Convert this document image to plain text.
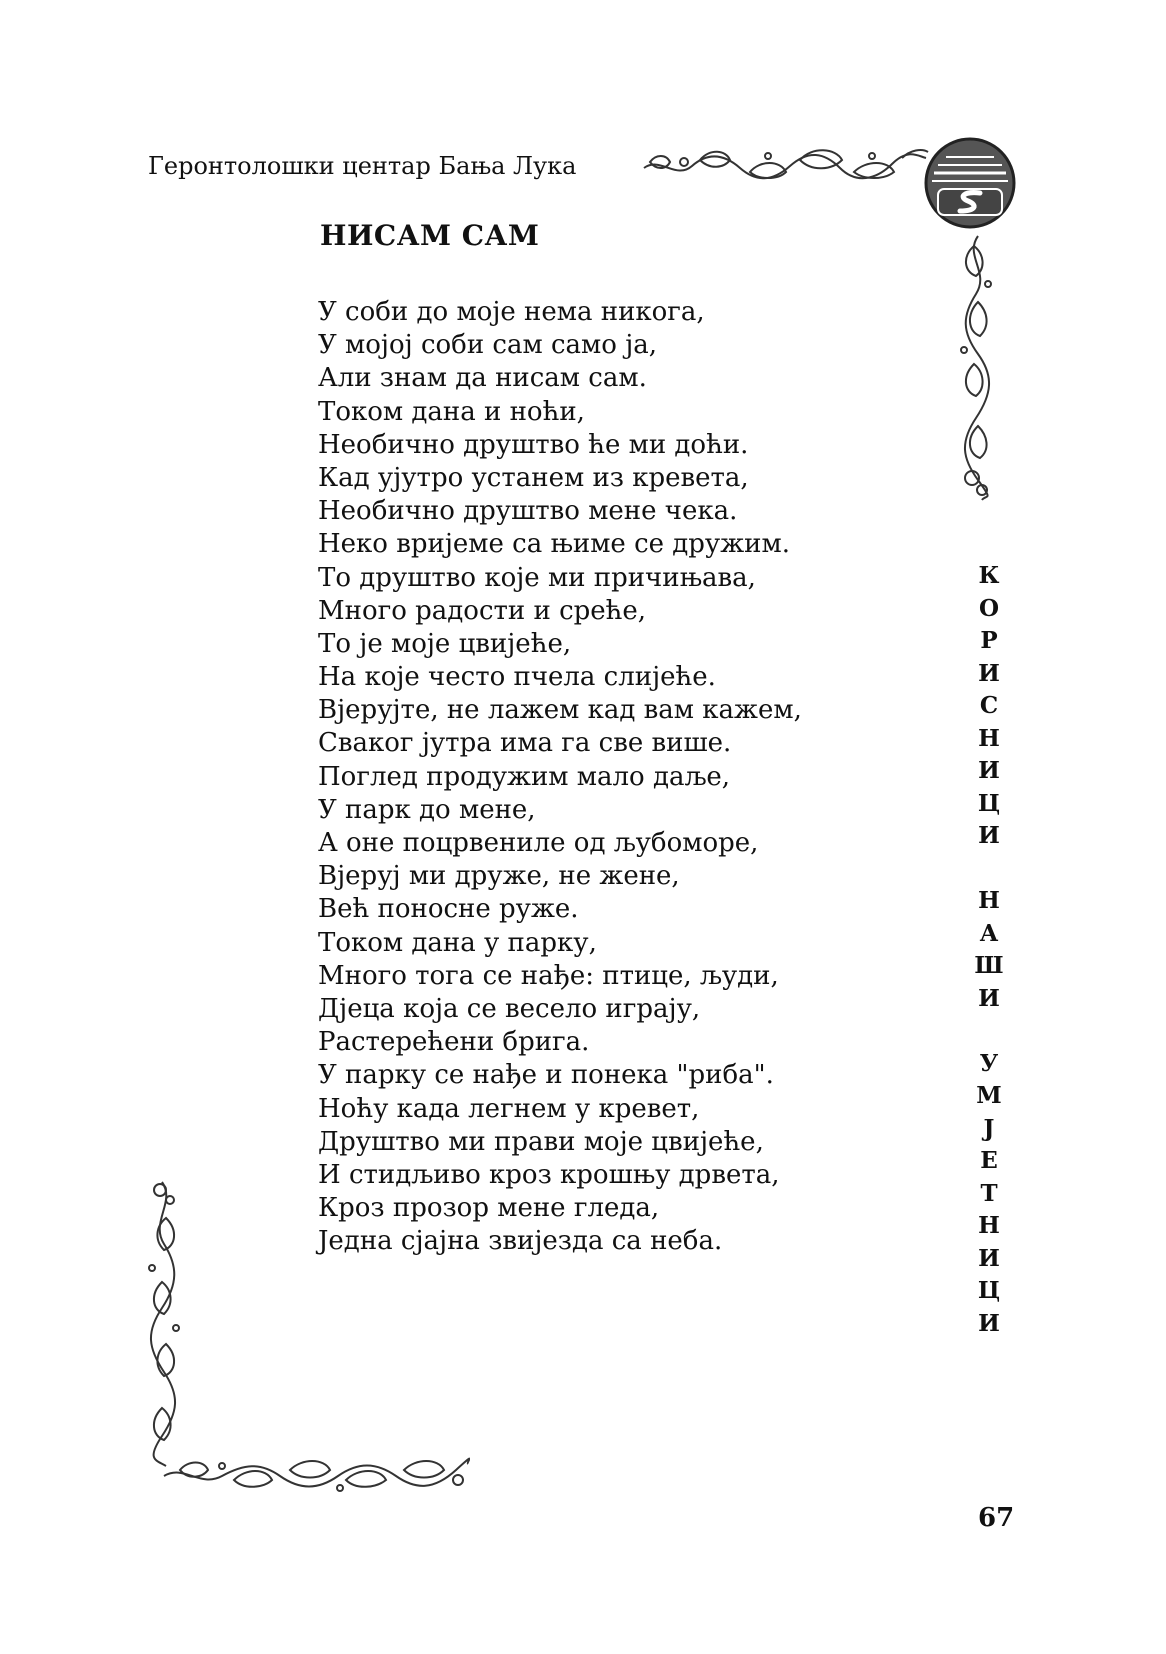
Геронтолошки центар Бања Лука
НИСАМ САМ
У соби до моје нема никога,
У мојој соби сам само ја,
Али знам да нисам сам.
Током дана и ноћи,
Необично друштво ће ми доћи.
Кад ујутро устанем из кревета,
Необично друштво мене чека.
Неко вријеме са њиме се дружим.
То друштво које ми причињава,
Много радости и среће,
То је моје цвијеће,
На које често пчела слијеће.
Вјерујте, не лажем кад вам кажем,
Сваког јутра има га све више.
Поглед продужим мало даље,
У парк до мене,
А оне поцрвениле од љубоморе,
Вјеруј ми друже, не жене,
Већ поносне руже.
Током дана у парку,
Много тога се нађе: птице, људи,
Дјеца која се весело играју,
Растерећени брига.
У парку се нађе и понека "риба".
Ноћу када легнем у кревет,
Друштво ми прави моје цвијеће,
И стидљиво кроз крошњу дрвета,
Кроз прозор мене гледа,
Једна сјајна звијезда са неба.
К
О
Р
И
С
Н
И
Ц
И
Н
А
Ш
И
У
М
Ј
Е
Т
Н
И
Ц
И
67
